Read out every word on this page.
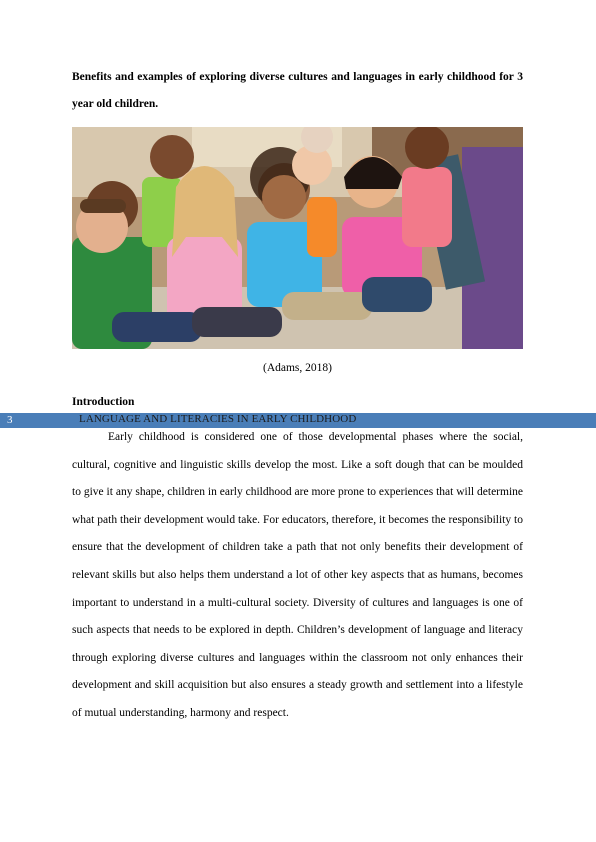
Benefits and examples of exploring diverse cultures and languages in early childhood for 3 year old children.
(Adams, 2018)
Introduction
3	LANGUAGE AND LITERACIES IN EARLY CHILDHOOD

Early childhood is considered one of those developmental phases where the social, cultural, cognitive and linguistic skills develop the most. Like a soft dough that can be moulded to give it any shape, children in early childhood are more prone to experiences that will determine what path their development would take. For educators, therefore, it becomes the responsibility to ensure that the development of children take a path that not only benefits their development of relevant skills but also helps them understand a lot of other key aspects that as humans, becomes important to understand in a multi-cultural society. Diversity of cultures and languages is one of such aspects that needs to be explored in depth. Children’s development of language and literacy through exploring diverse cultures and languages within the classroom not only enhances their development and skill acquisition but also ensures a steady growth and settlement into a lifestyle of mutual understanding, harmony and respect.
